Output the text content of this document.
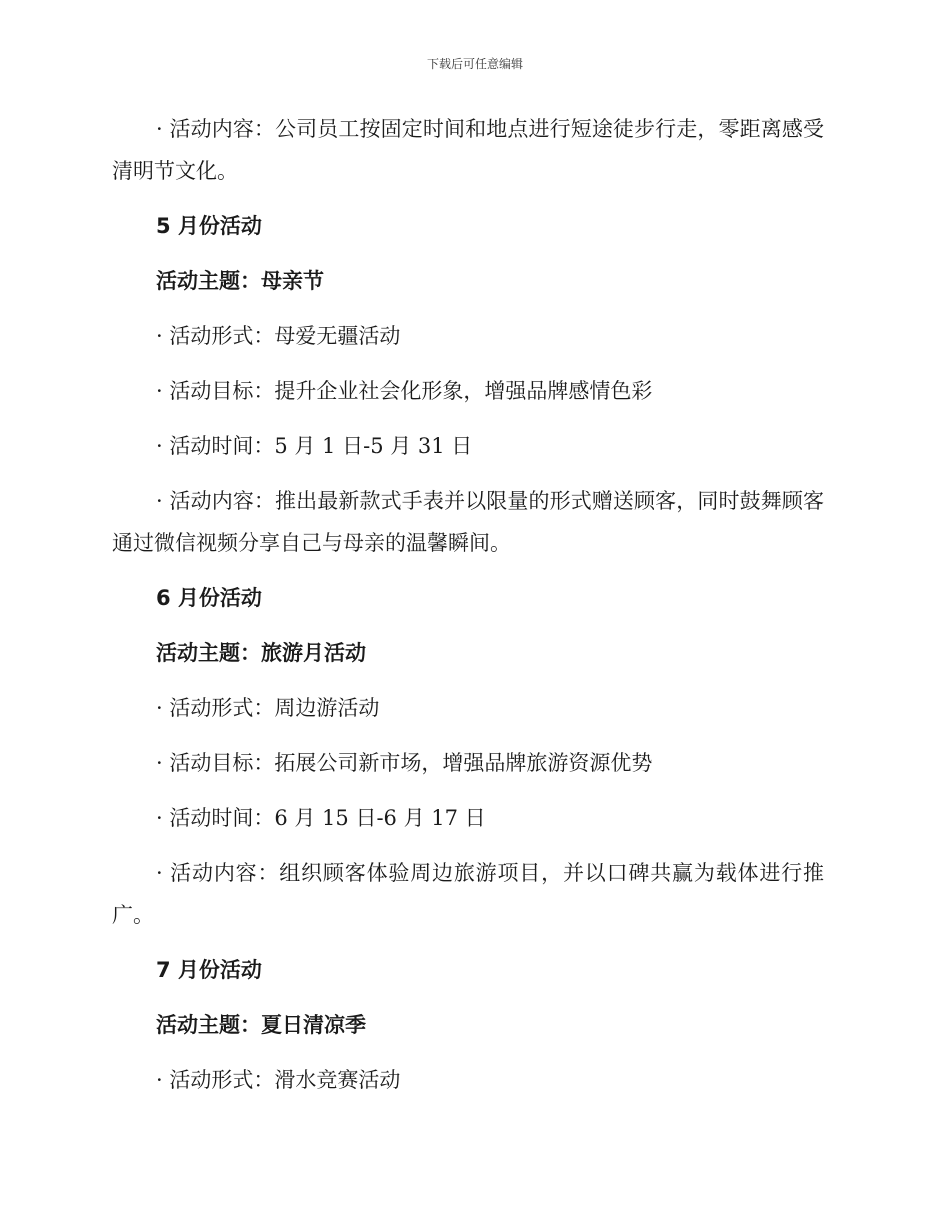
下载后可任意编辑

· 活动内容：公司员工按固定时间和地点进行短途徒步行走，零距离感受清明节文化。

5 月份活动

活动主题：母亲节

· 活动形式：母爱无疆活动

· 活动目标：提升企业社会化形象，增强品牌感情色彩

· 活动时间：5 月 1 日-5 月 31 日

· 活动内容：推出最新款式手表并以限量的形式赠送顾客，同时鼓舞顾客通过微信视频分享自己与母亲的温馨瞬间。

6 月份活动

活动主题：旅游月活动

· 活动形式：周边游活动

· 活动目标：拓展公司新市场，增强品牌旅游资源优势

· 活动时间：6 月 15 日-6 月 17 日

· 活动内容：组织顾客体验周边旅游项目，并以口碑共赢为载体进行推广。

7 月份活动

活动主题：夏日清凉季

· 活动形式：滑水竞赛活动
